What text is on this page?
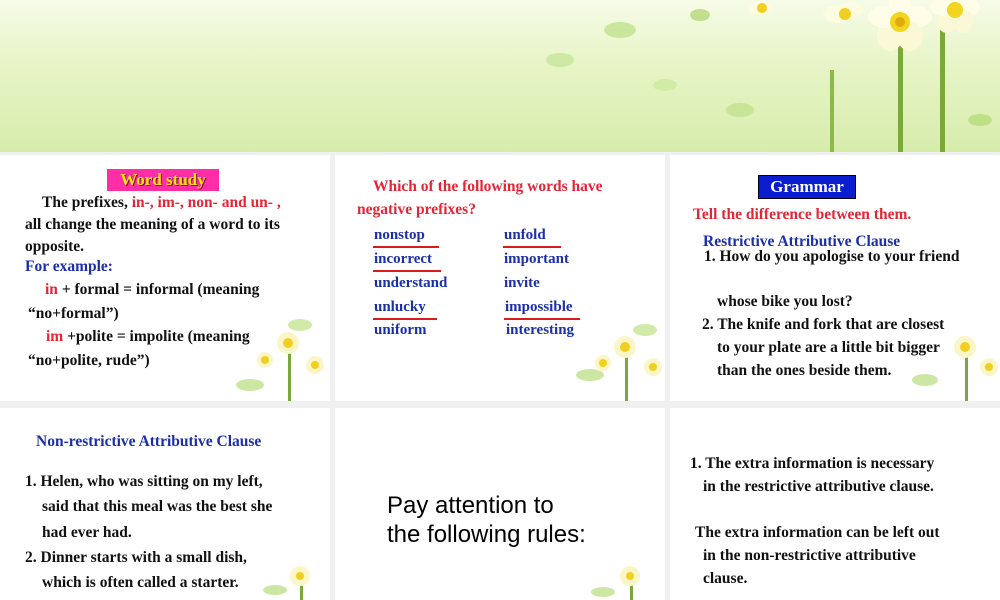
Word study
The prefixes, in-, im-, non- and un- ,
all change the meaning of a word to its
opposite.
For example:
in + formal = informal (meaning
“no+formal”)
im +polite = impolite (meaning
“no+polite, rude”)
Which of the following words have
negative prefixes?
nonstop
incorrect
understand
unlucky
uniform
unfold
important
invite
impossible
interesting
Grammar
Tell the difference between them.
Restrictive Attributive Clause
1. How do you apologise to your friend
whose bike you lost?
2. The knife and fork that are closest
to your plate are a little bit bigger
than the ones beside them.
Non-restrictive Attributive Clause
1. Helen, who was sitting on my left,
said that this meal was the best she
had ever had.
2. Dinner starts with a small dish,
which is often called a starter.
Pay attention to
the following rules:
1. The extra information is necessary
in the restrictive attributive clause.
The extra information can be left out
in the non-restrictive attributive
clause.
